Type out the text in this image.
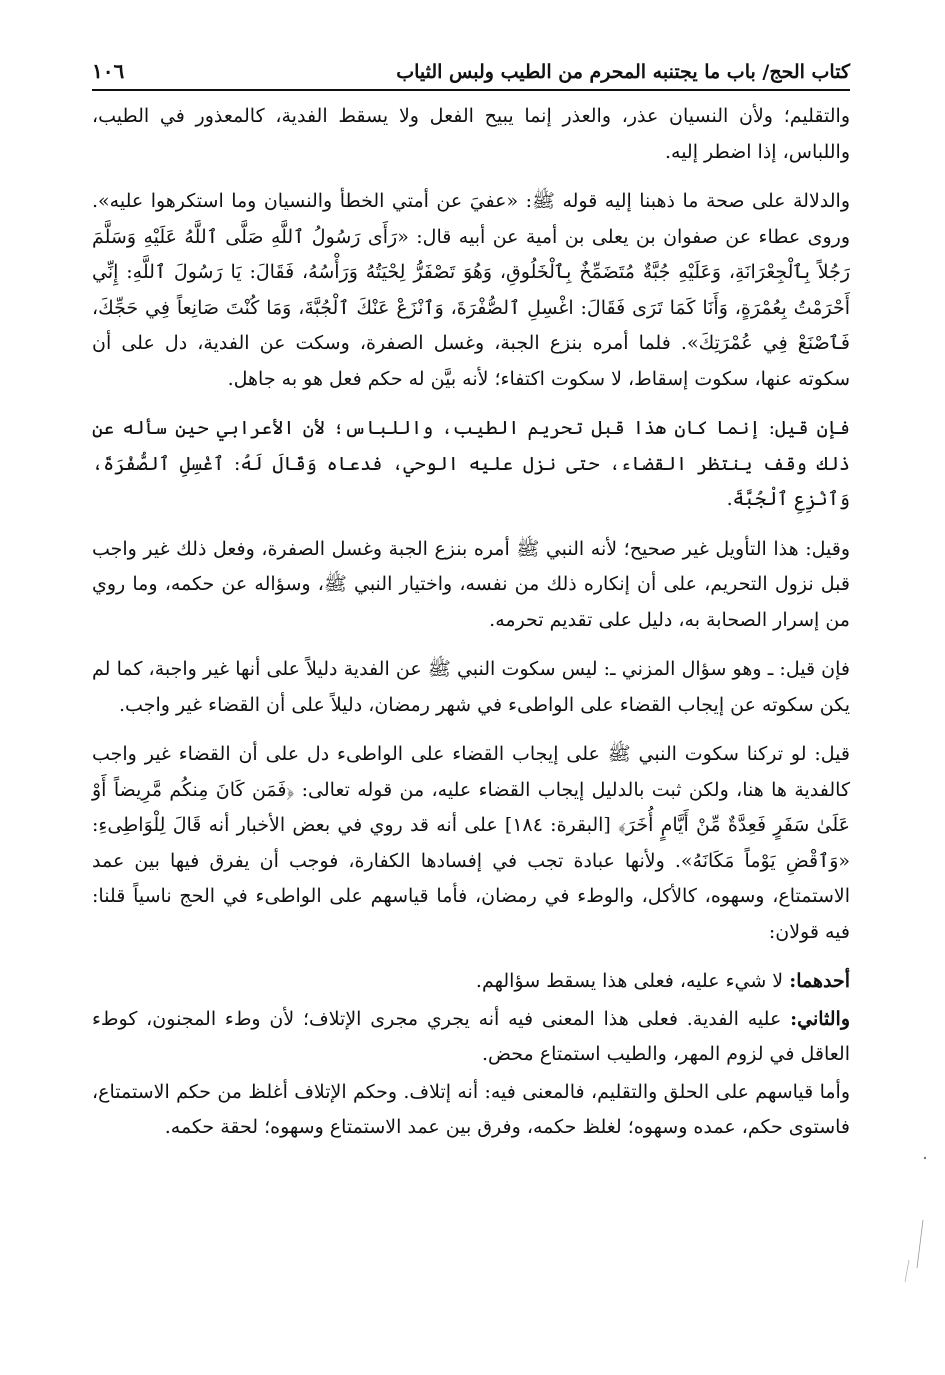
كتاب الحج/ باب ما يجتنبه المحرم من الطيب ولبس الثياب
١٠٦

والتقليم؛ ولأن النسيان عذر، والعذر إنما يبيح الفعل ولا يسقط الفدية، كالمعذور في الطيب، واللباس، إذا اضطر إليه.

والدلالة على صحة ما ذهبنا إليه قوله ﷺ: «عفيَ عن أمتي الخطأ والنسيان وما استكرهوا عليه». وروى عطاء عن صفوان بن يعلى بن أمية عن أبيه قال: «رَأَى رَسُولُ ٱللَّهِ صَلَّى ٱللَّهُ عَلَيْهِ وَسَلَّمَ رَجُلاً بِٱلْجِعْرَانَةِ، وَعَلَيْهِ جُبَّةٌ مُتَضَمِّخٌ بِٱلْخَلُوقِ، وَهُوَ تَصْفَرُّ لِحْيَتُهُ وَرَأْسُهُ، فَقَالَ: يَا رَسُولَ ٱللَّهِ: إِنِّي أَحْرَمْتُ بِعُمْرَةٍ، وَأَنَا كَمَا تَرَى فَقَالَ: اغْسِلِ ٱلصُّفْرَةَ، وَٱنْزَعْ عَنْكَ ٱلْجُبَّةَ، وَمَا كُنْتَ صَانِعاً فِي حَجِّكَ، فَٱصْنَعْ فِي عُمْرَتِكَ». فلما أمره بنزع الجبة، وغسل الصفرة، وسكت عن الفدية، دل على أن سكوته عنها، سكوت إسقاط، لا سكوت اكتفاء؛ لأنه بيَّن له حكم فعل هو به جاهل.

فإن قيل: إنما كان هذا قبل تحريم الطيب، واللباس؛ لأن الأعرابي حين سأله عن ذلك وقف ينتظر القضاء، حتى نزل عليه الوحي، فدعاه وَقَالَ لَهُ: ٱغْسِلِ ٱلصُّفْرَةَ، وَٱنْزِعِ ٱلْجُبَّةَ.

وقيل: هذا التأويل غير صحيح؛ لأنه النبي ﷺ أمره بنزع الجبة وغسل الصفرة، وفعل ذلك غير واجب قبل نزول التحريم، على أن إنكاره ذلك من نفسه، واختيار النبي ﷺ، وسؤاله عن حكمه، وما روي من إسرار الصحابة به، دليل على تقديم تحرمه.

فإن قيل: ـ وهو سؤال المزني ـ: ليس سكوت النبي ﷺ عن الفدية دليلاً على أنها غير واجبة، كما لم يكن سكوته عن إيجاب القضاء على الواطىء في شهر رمضان، دليلاً على أن القضاء غير واجب.

قيل: لو تركنا سكوت النبي ﷺ على إيجاب القضاء على الواطىء دل على أن القضاء غير واجب كالفدية ها هنا، ولكن ثبت بالدليل إيجاب القضاء عليه، من قوله تعالى: ﴿فَمَن كَانَ مِنكُم مَّرِيضاً أَوْ عَلَىٰ سَفَرٍ فَعِدَّةٌ مِّنْ أَيَّامٍ أُخَرَ﴾ [البقرة: ١٨٤] على أنه قد روي في بعض الأخبار أنه قَالَ لِلْوَاطِىءِ: «وَٱقْضِ يَوْماً مَكَانَهُ». ولأنها عبادة تجب في إفسادها الكفارة، فوجب أن يفرق فيها بين عمد الاستمتاع، وسهوه، كالأكل، والوطء في رمضان، فأما قياسهم على الواطىء في الحج ناسياً قلنا: فيه قولان:

أحدهما: لا شيء عليه، فعلى هذا يسقط سؤالهم.

والثاني: عليه الفدية. فعلى هذا المعنى فيه أنه يجري مجرى الإتلاف؛ لأن وطء المجنون، كوطء العاقل في لزوم المهر، والطيب استمتاع محض.

وأما قياسهم على الحلق والتقليم، فالمعنى فيه: أنه إتلاف. وحكم الإتلاف أغلظ من حكم الاستمتاع، فاستوى حكم، عمده وسهوه؛ لغلظ حكمه، وفرق بين عمد الاستمتاع وسهوه؛ لحقة حكمه.
